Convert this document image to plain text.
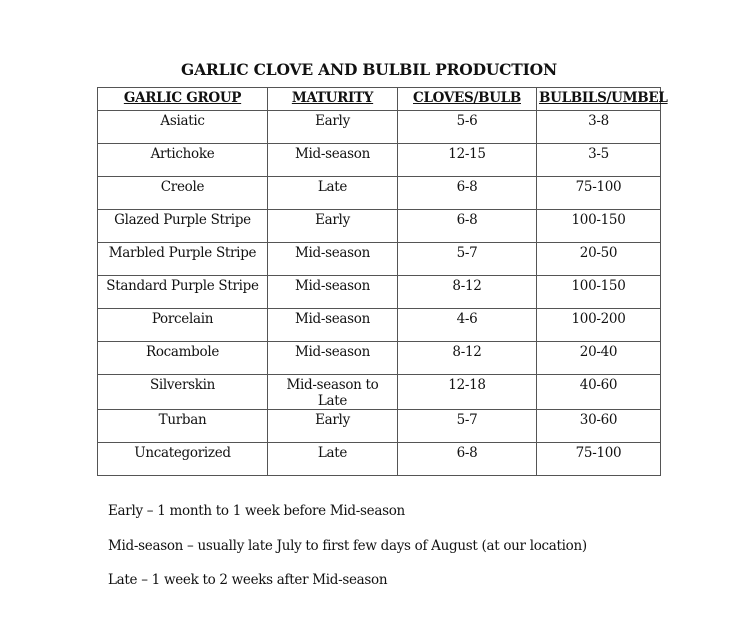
GARLIC CLOVE AND BULBIL PRODUCTION
GARLIC GROUP	MATURITY	CLOVES/BULB	BULBILS/UMBEL
Asiatic	Early	5-6	3-8
Artichoke	Mid-season	12-15	3-5
Creole	Late	6-8	75-100
Glazed Purple Stripe	Early	6-8	100-150
Marbled Purple Stripe	Mid-season	5-7	20-50
Standard Purple Stripe	Mid-season	8-12	100-150
Porcelain	Mid-season	4-6	100-200
Rocambole	Mid-season	8-12	20-40
Silverskin	Mid-season to Late	12-18	40-60
Turban	Early	5-7	30-60
Uncategorized	Late	6-8	75-100
Early – 1 month to 1 week before Mid-season
Mid-season – usually late July to first few days of August (at our location)
Late – 1 week to 2 weeks after Mid-season
